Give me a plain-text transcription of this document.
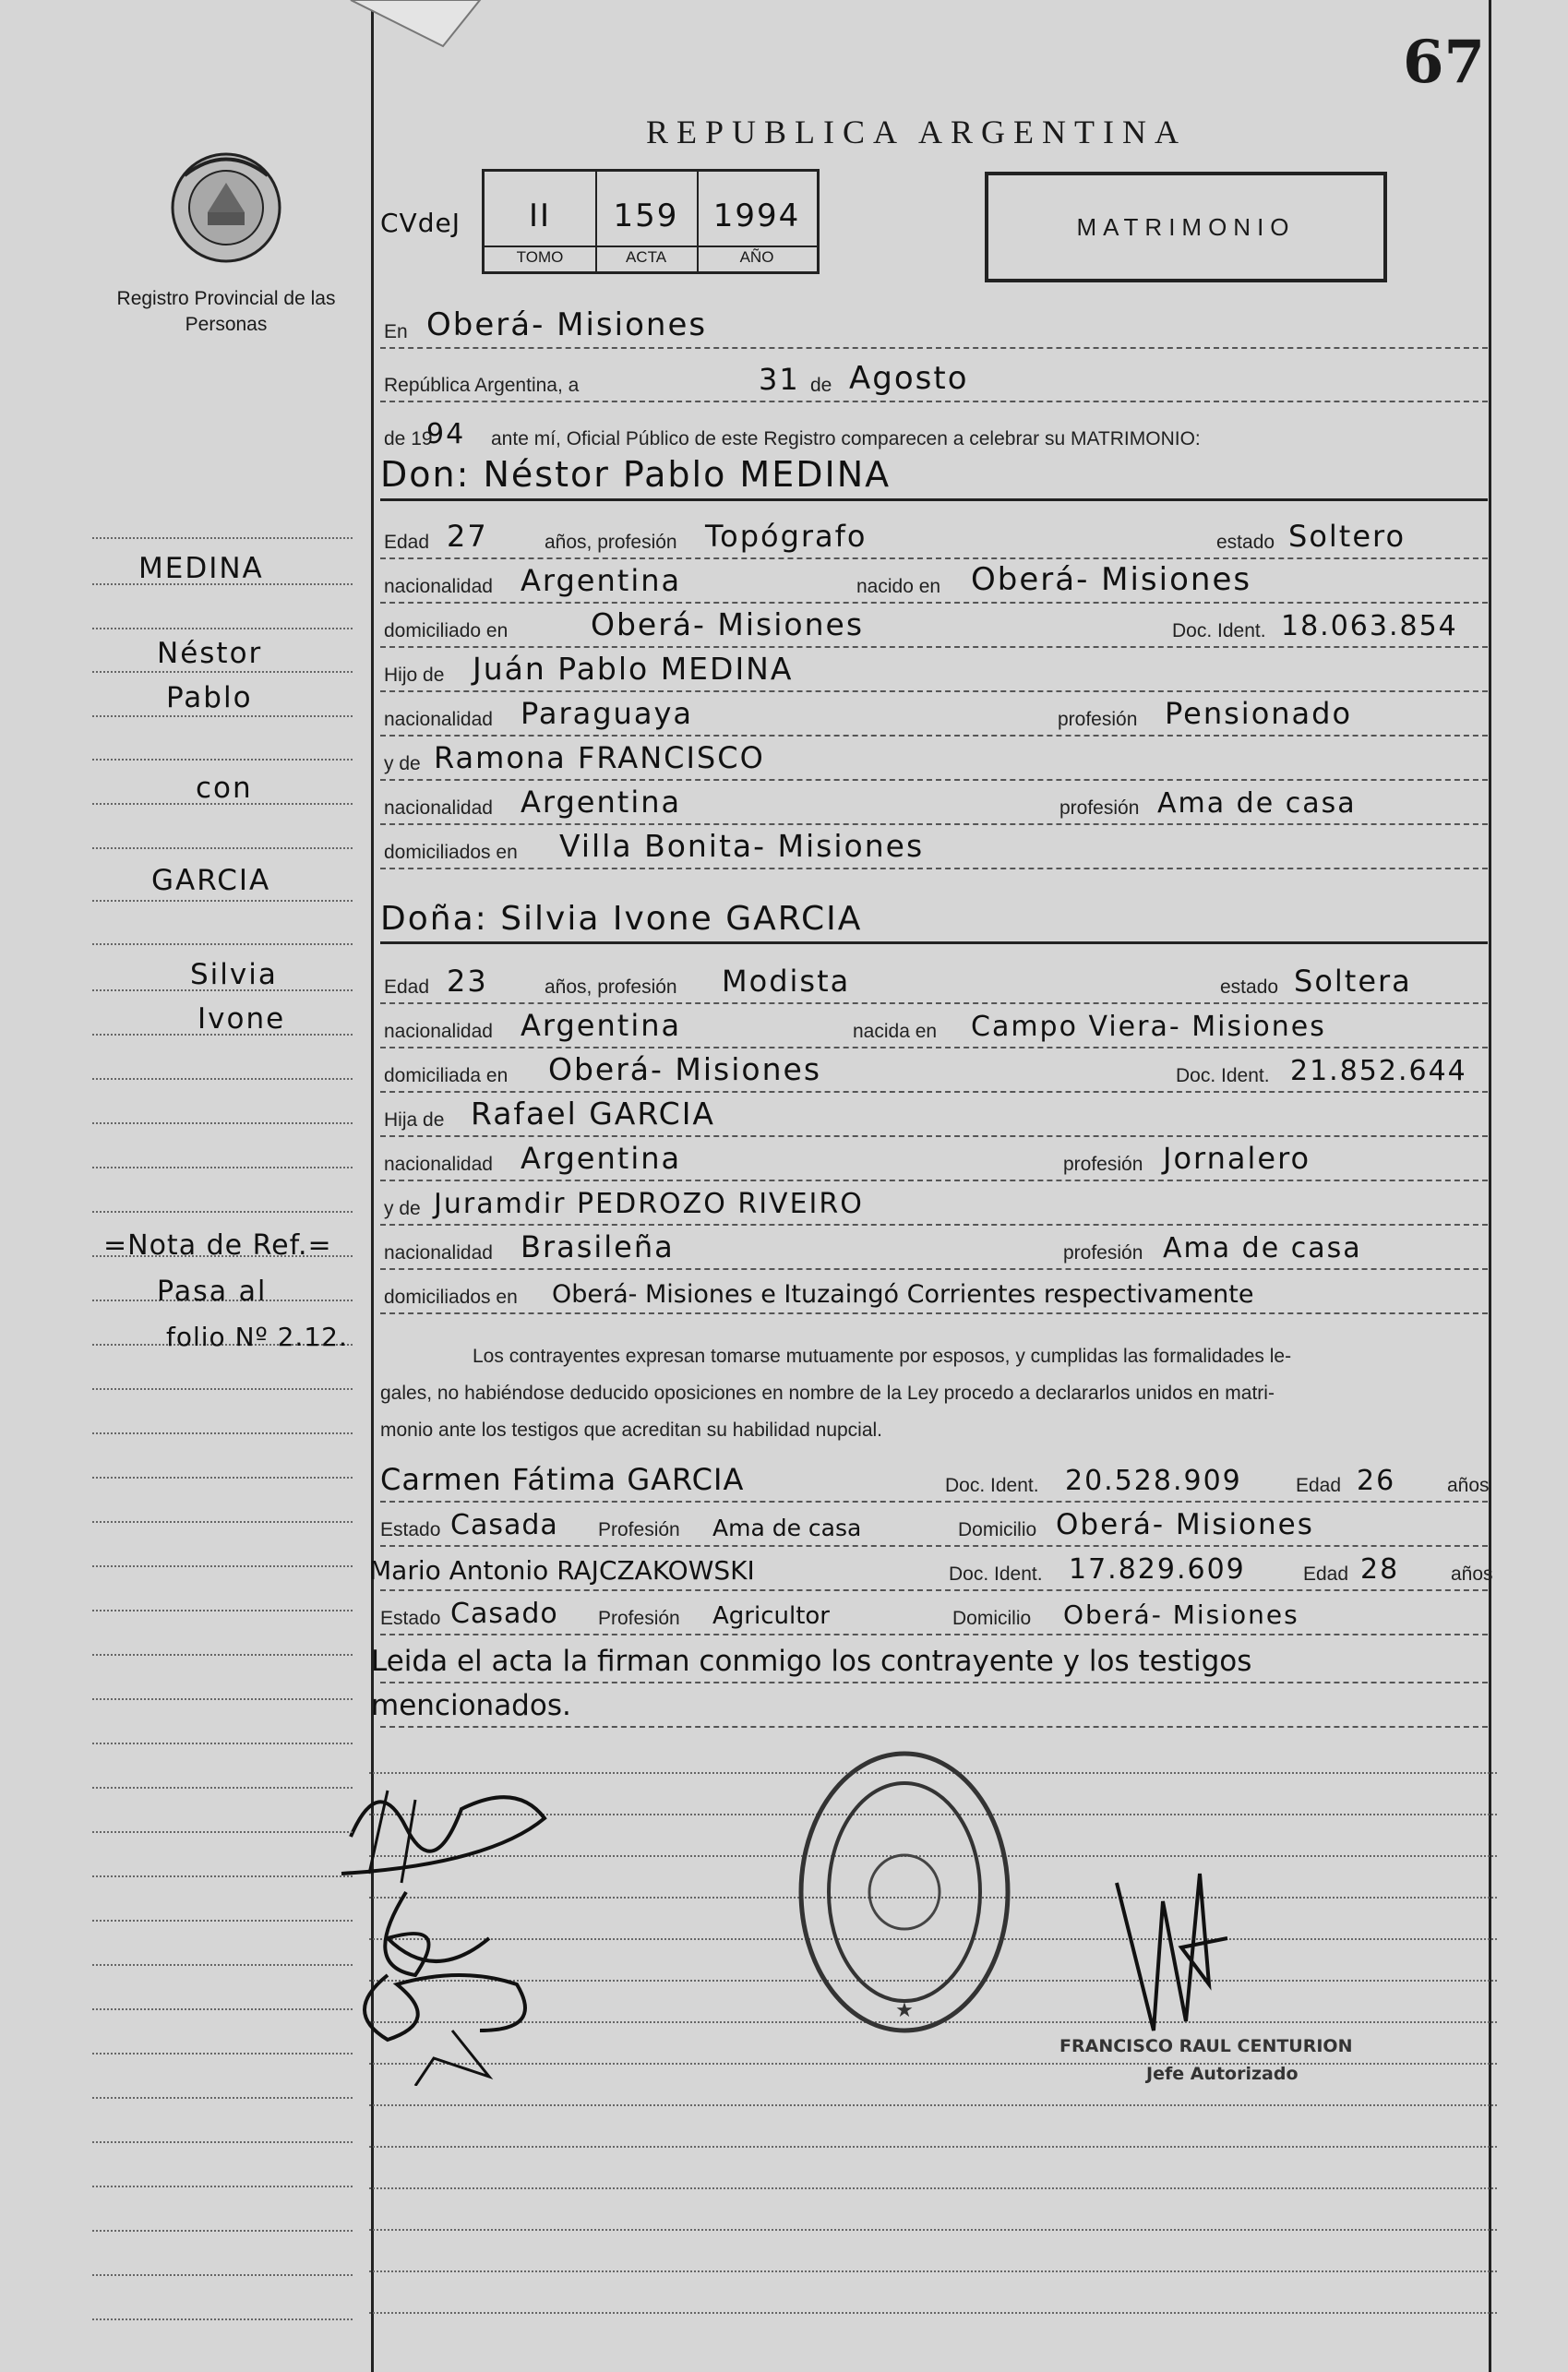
67
REPUBLICA ARGENTINA
Registro Provincial de las Personas
CVdeJ	II	159	1994
TOMO	ACTA	AÑO
MATRIMONIO
En Oberá- Misiones
República Argentina, a	31 de Agosto
de 19
94 ante mí, Oficial Público de este Registro comparecen a celebrar su MATRIMONIO:
Don: Néstor Pablo MEDINA
Edad 27	años, profesión Topógrafo	estado Soltero
nacionalidad Argentina	nacido en Oberá- Misiones
domiciliado en	Oberá- Misiones	Doc. Ident. 18.063.854
Hijo de Juán Pablo MEDINA
nacionalidad Paraguaya	profesión Pensionado
y de Ramona FRANCISCO
nacionalidad Argentina	profesión Ama de casa
domiciliados en Villa Bonita- Misiones
Doña: Silvia Ivone GARCIA
Edad 23	años, profesión Modista	estado Soltera
nacionalidad Argentina	nacida en Campo Viera- Misiones
domiciliada en Oberá- Misiones	Doc. Ident. 21.852.644
Hija de Rafael GARCIA
nacionalidad Argentina	profesión Jornalero
y de Juramdir PEDROZO RIVEIRO
nacionalidad Brasileña	profesión Ama de casa
domiciliados en Oberá- Misiones e Ituzaingó Corrientes respectivamente
Los contrayentes expresan tomarse mutuamente por esposos, y cumplidas las formalidades le-
gales, no habiéndose deducido oposiciones en nombre de la Ley procedo a declararlos unidos en matri-
monio ante los testigos que acreditan su habilidad nupcial.
Carmen Fátima GARCIA	Doc. Ident. 20.528.909	Edad 26	años
Estado Casada Profesión Ama de casa	Domicilio Oberá- Misiones
Mario Antonio RAJCZAKOWSKI	Doc. Ident. 17.829.609	Edad 28	años
Estado Casado Profesión Agricultor	Domicilio Oberá- Misiones
Leida el acta la firman conmigo los contrayente y los testigos
mencionados.
★
FRANCISCO RAUL CENTURION
Jefe Autorizado
MEDINA
Néstor
Pablo
con
GARCIA
Silvia
Ivone
=Nota de Ref.=
Pasa al
folio Nº 2.12.
